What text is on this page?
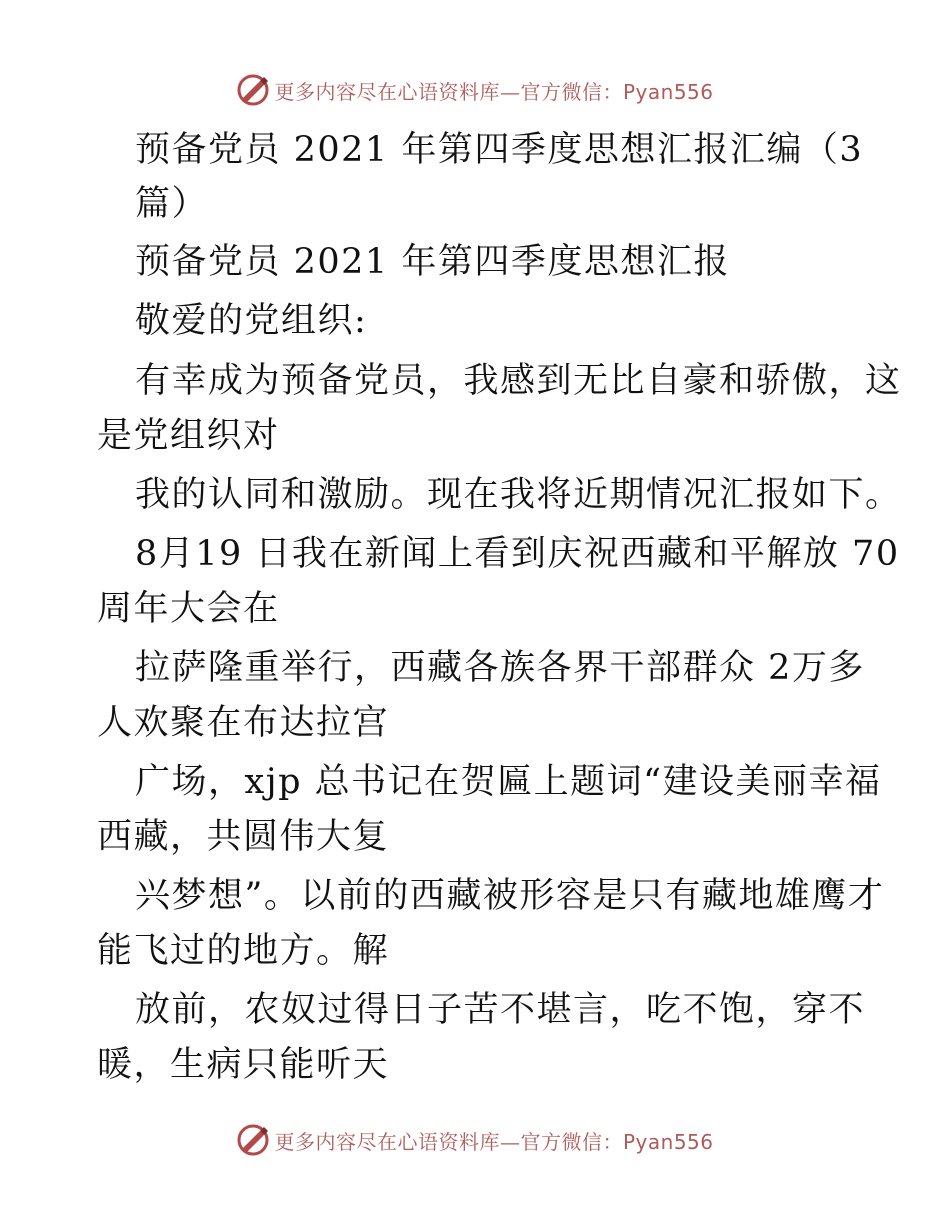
更多内容尽在心语资料库—官方微信：Pyan556
预备党员 2021 年第四季度思想汇报汇编（3
篇）
预备党员 2021 年第四季度思想汇报
敬爱的党组织:
有幸成为预备党员，我感到无比自豪和骄傲，这
是党组织对
我的认同和激励。现在我将近期情况汇报如下。
8月19 日我在新闻上看到庆祝西藏和平解放 70
周年大会在
拉萨隆重举行，西藏各族各界干部群众 2万多
人欢聚在布达拉宫
广场，xjp 总书记在贺匾上题词“建设美丽幸福
西藏，共圆伟大复
兴梦想”。以前的西藏被形容是只有藏地雄鹰才
能飞过的地方。解
放前，农奴过得日子苦不堪言，吃不饱，穿不
暖，生病只能听天
更多内容尽在心语资料库—官方微信：Pyan556
